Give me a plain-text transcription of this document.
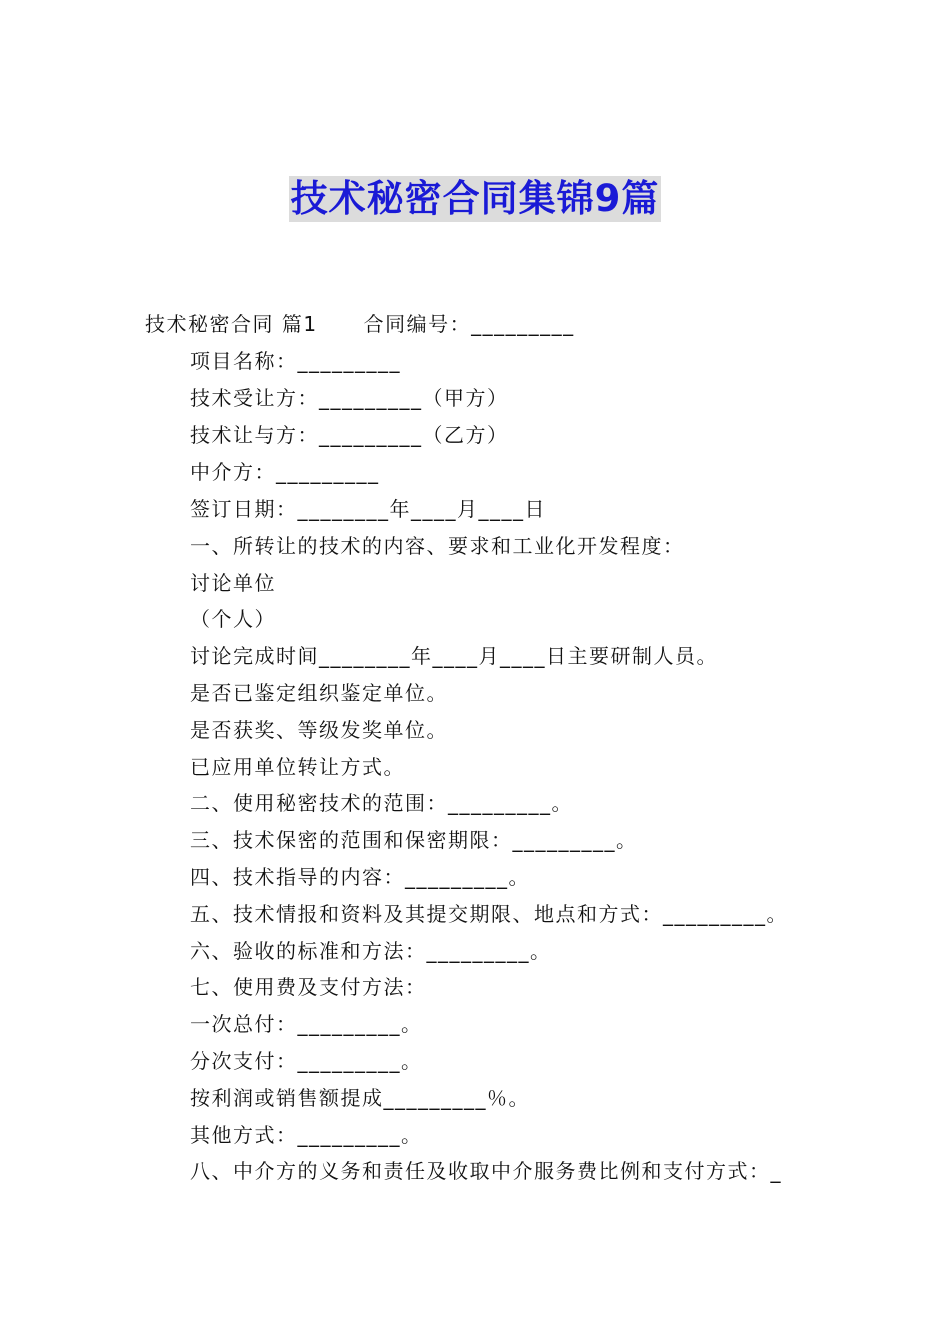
技术秘密合同集锦9篇
技术秘密合同 篇1 合同编号：_________
项目名称：_________
技术受让方：_________（甲方）
技术让与方：_________（乙方）
中介方：_________
签订日期：________年____月____日
一、所转让的技术的内容、要求和工业化开发程度：
讨论单位
（个人）
讨论完成时间________年____月____日主要研制人员。
是否已鉴定组织鉴定单位。
是否获奖、等级发奖单位。
已应用单位转让方式。
二、使用秘密技术的范围：_________。
三、技术保密的范围和保密期限：_________。
四、技术指导的内容：_________。
五、技术情报和资料及其提交期限、地点和方式：_________。
六、验收的标准和方法：_________。
七、使用费及支付方法：
一次总付：_________。
分次支付：_________。
按利润或销售额提成_________％。
其他方式：_________。
八、中介方的义务和责任及收取中介服务费比例和支付方式：_
